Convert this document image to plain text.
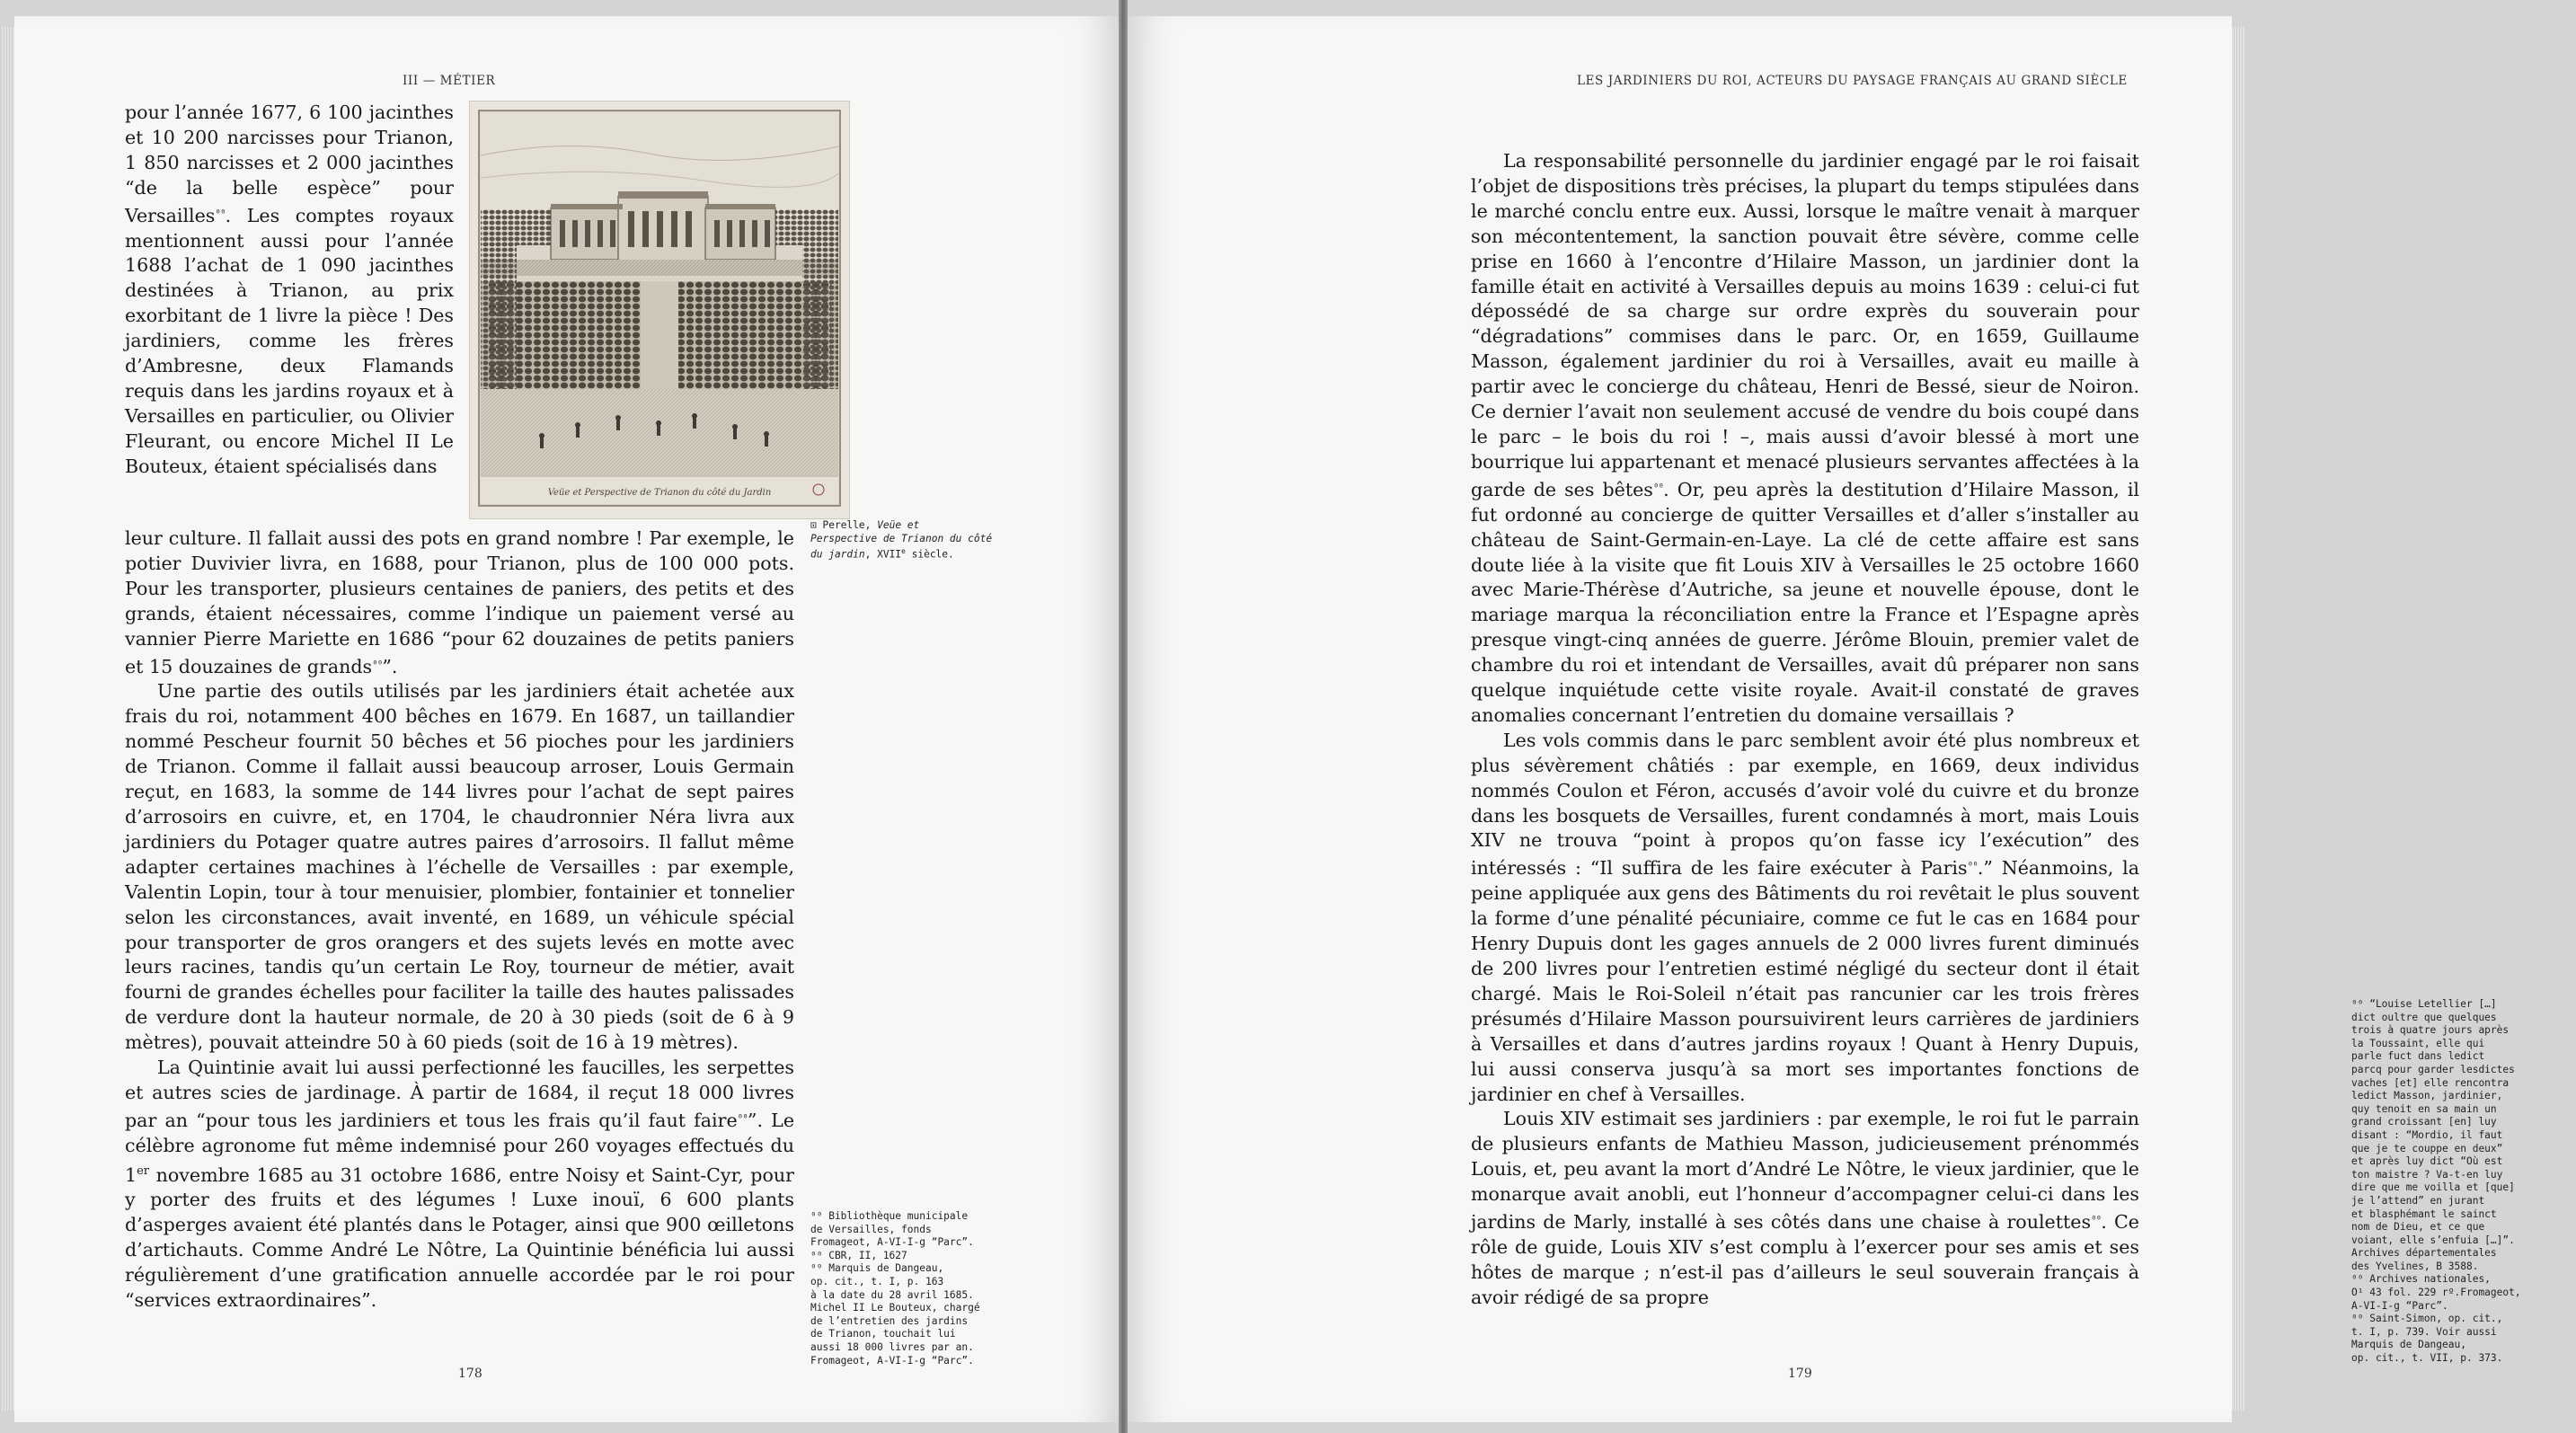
III — MÉTIER

pour l’année 1677, 6 100 jacinthes et 10 200 narcisses pour Trianon, 1 850 narcisses et 2 000 jacinthes “de la belle espèce” pour Versailles$^{^{00}}$. Les comptes royaux mentionnent aussi pour l’année 1688 l’achat de 1 090 jacinthes destinées à Trianon, au prix exorbitant de 1 livre la pièce ! Des jardiniers, comme les frères d’Ambresne, deux Flamands requis dans les jardins royaux et à Versailles en particulier, ou Olivier Fleurant, ou encore Michel II Le Bouteux, étaient spécialisés dans

leur culture. Il fallait aussi des pots en grand nombre ! Par exemple, le potier Duvivier livra, en 1688, pour Trianon, plus de 100 000 pots. Pour les transporter, plusieurs centaines de paniers, des petits et des grands, étaient nécessaires, comme l’indique un paiement versé au vannier Pierre Mariette en 1686 “pour 62 douzaines de petits paniers et 15 douzaines de grands$^{^{00}}$”.

Une partie des outils utilisés par les jardiniers était achetée aux frais du roi, notamment 400 bêches en 1679. En 1687, un taillandier nommé Pescheur fournit 50 bêches et 56 pioches pour les jardiniers de Trianon. Comme il fallait aussi beaucoup arroser, Louis Germain reçut, en 1683, la somme de 144 livres pour l’achat de sept paires d’arrosoirs en cuivre, et, en 1704, le chaudronnier Néra livra aux jardiniers du Potager quatre autres paires d’arrosoirs. Il fallut même adapter certaines machines à l’échelle de Versailles : par exemple, Valentin Lopin, tour à tour menuisier, plombier, fontainier et tonnelier selon les circonstances, avait inventé, en 1689, un véhicule spécial pour transporter de gros orangers et des sujets levés en motte avec leurs racines, tandis qu’un certain Le Roy, tourneur de métier, avait fourni de grandes échelles pour faciliter la taille des hautes palissades de verdure dont la hauteur normale, de 20 à 30 pieds (soit de 6 à 9 mètres), pouvait atteindre 50 à 60 pieds (soit de 16 à 19 mètres).

La Quintinie avait lui aussi perfectionné les faucilles, les serpettes et autres scies de jardinage. À partir de 1684, il reçut 18 000 livres par an “pour tous les jardiniers et tous les frais qu’il faut faire$^{^{00}}$”. Le célèbre agronome fut même indemnisé pour 260 voyages effectués du 1er novembre 1685 au 31 octobre 1686, entre Noisy et Saint-Cyr, pour y porter des fruits et des légumes ! Luxe inouï, 6 600 plants d’asperges avaient été plantés dans le Potager, ainsi que 900 œilletons d’artichauts. Comme André Le Nôtre, La Quintinie bénéficia lui aussi régulièrement d’une gratification annuelle accordée par le roi pour “services extraordinaires”.

Veüe et Perspective de Trianon du côté du Jardin
⊡ Perelle, Veüe et
Perspective de Trianon du côté
du jardin, XVIIe siècle.
⁰⁰ Bibliothèque municipale
de Versailles, fonds
Fromageot, A-VI-I-g “Parc”.
⁰⁰ CBR, II, 1627
⁰⁰ Marquis de Dangeau,
op. cit., t. I, p. 163
à la date du 28 avril 1685.
Michel II Le Bouteux, chargé
de l’entretien des jardins
de Trianon, touchait lui
aussi 18 000 livres par an.
Fromageot, A-VI-I-g “Parc”.
178
LES JARDINIERS DU ROI, ACTEURS DU PAYSAGE FRANÇAIS AU GRAND SIÈCLE

La responsabilité personnelle du jardinier engagé par le roi faisait l’objet de dispositions très précises, la plupart du temps stipulées dans le marché conclu entre eux. Aussi, lorsque le maître venait à marquer son mécontentement, la sanction pouvait être sévère, comme celle prise en 1660 à l’encontre d’Hilaire Masson, un jardinier dont la famille était en activité à Versailles depuis au moins 1639 : celui-ci fut dépossédé de sa charge sur ordre exprès du souverain pour “dégradations” commises dans le parc. Or, en 1659, Guillaume Masson, également jardinier du roi à Versailles, avait eu maille à partir avec le concierge du château, Henri de Bessé, sieur de Noiron. Ce dernier l’avait non seulement accusé de vendre du bois coupé dans le parc – le bois du roi ! –, mais aussi d’avoir blessé à mort une bourrique lui appartenant et menacé plusieurs servantes affectées à la garde de ses bêtes$^{^{00}}$. Or, peu après la destitution d’Hilaire Masson, il fut ordonné au concierge de quitter Versailles et d’aller s’installer au château de Saint-Germain-en-Laye. La clé de cette affaire est sans doute liée à la visite que fit Louis XIV à Versailles le 25 octobre 1660 avec Marie-Thérèse d’Autriche, sa jeune et nouvelle épouse, dont le mariage marqua la réconciliation entre la France et l’Espagne après presque vingt-cinq années de guerre. Jérôme Blouin, premier valet de chambre du roi et intendant de Versailles, avait dû préparer non sans quelque inquiétude cette visite royale. Avait-il constaté de graves anomalies concernant l’entretien du domaine versaillais ?

Les vols commis dans le parc semblent avoir été plus nombreux et plus sévèrement châtiés : par exemple, en 1669, deux individus nommés Coulon et Féron, accusés d’avoir volé du cuivre et du bronze dans les bosquets de Versailles, furent condamnés à mort, mais Louis XIV ne trouva “point à propos qu’on fasse icy l’exécution” des intéressés : “Il suffira de les faire exécuter à Paris$^{^{00}}$.” Néanmoins, la peine appliquée aux gens des Bâtiments du roi revêtait le plus souvent la forme d’une pénalité pécuniaire, comme ce fut le cas en 1684 pour Henry Dupuis dont les gages annuels de 2 000 livres furent diminués de 200 livres pour l’entretien estimé négligé du secteur dont il était chargé. Mais le Roi-Soleil n’était pas rancunier car les trois frères présumés d’Hilaire Masson poursuivirent leurs carrières de jardiniers à Versailles et dans d’autres jardins royaux ! Quant à Henry Dupuis, lui aussi conserva jusqu’à sa mort ses importantes fonctions de jardinier en chef à Versailles.

Louis XIV estimait ses jardiniers : par exemple, le roi fut le parrain de plusieurs enfants de Mathieu Masson, judicieusement prénommés Louis, et, peu avant la mort d’André Le Nôtre, le vieux jardinier, que le monarque avait anobli, eut l’honneur d’accompagner celui-ci dans les jardins de Marly, installé à ses côtés dans une chaise à roulettes$^{^{00}}$. Ce rôle de guide, Louis XIV s’est complu à l’exercer pour ses amis et ses hôtes de marque ; n’est-il pas d’ailleurs le seul souverain français à avoir rédigé de sa propre

⁰⁰ “Louise Letellier […]
dict oultre que quelques
trois à quatre jours après
la Toussaint, elle qui
parle fuct dans ledict
parcq pour garder lesdictes
vaches [et] elle rencontra
ledict Masson, jardinier,
quy tenoit en sa main un
grand croissant [en] luy
disant : “Mordio, il faut
que je te couppe en deux”
et après luy dict “Où est
ton maistre ? Va-t-en luy
dire que me voilla et [que]
je l’attend” en jurant
et blasphémant le sainct
nom de Dieu, et ce que
voiant, elle s’enfuia […]”.
Archives départementales
des Yvelines, B 3588.
⁰⁰ Archives nationales,
O¹ 43 fol. 229 rº.Fromageot,
A-VI-I-g “Parc”.
⁰⁰ Saint-Simon, op. cit.,
t. I, p. 739. Voir aussi
Marquis de Dangeau,
op. cit., t. VII, p. 373.
179
